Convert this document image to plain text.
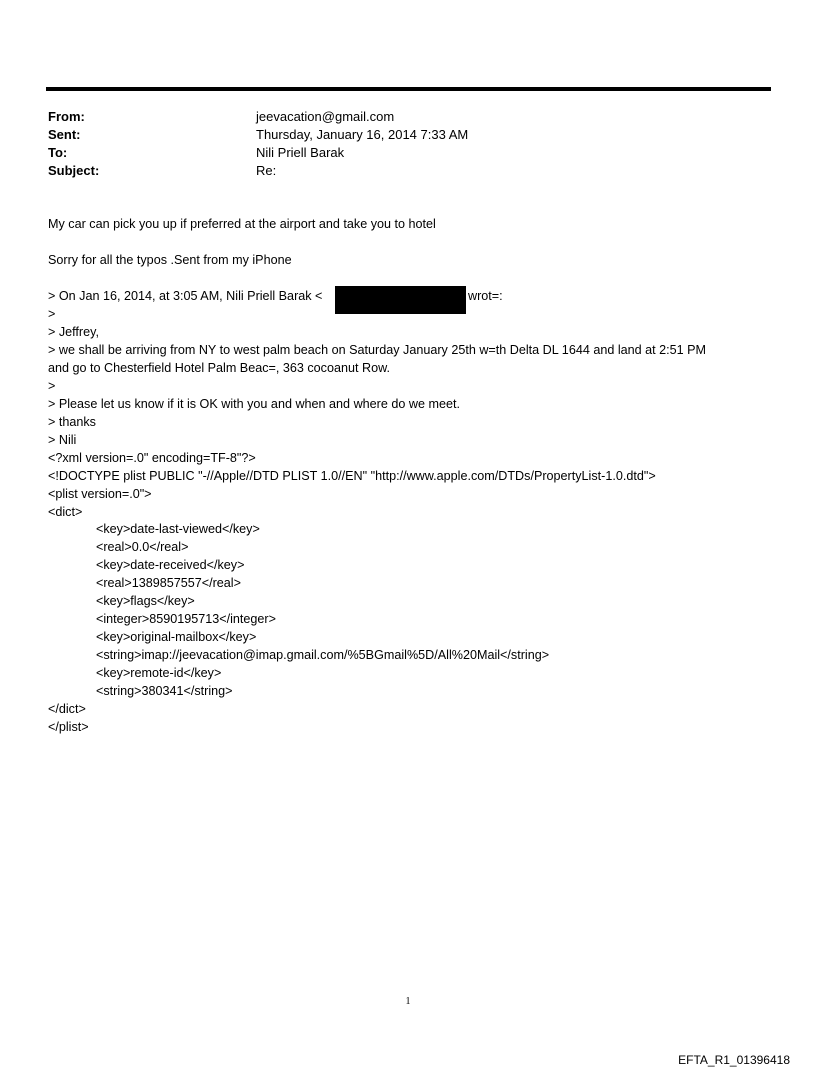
From:	jeevacation@gmail.com
Sent:	Thursday, January 16, 2014 7:33 AM
To:	Nili Priell Barak
Subject:	Re:
My car can pick you up if preferred at the airport and take you to hotel
Sorry for all the typos .Sent from my iPhone
> On Jan 16, 2014, at 3:05 AM, Nili Priell Barak <	wrot=:
>
> Jeffrey,
> we shall be arriving from NY to west palm beach on Saturday January 25th w=th Delta DL 1644 and land at 2:51 PM
and go to Chesterfield Hotel Palm Beac=, 363 cocoanut Row.
>
> Please let us know if it is OK with you and when and where do we meet.
> thanks
> Nili
<?xml version=.0" encoding=TF-8"?>
<!DOCTYPE plist PUBLIC "-//Apple//DTD PLIST 1.0//EN" "http://www.apple.com/DTDs/PropertyList-1.0.dtd">
<plist version=.0">
<dict>
<key>date-last-viewed</key>
<real>0.0</real>
<key>date-received</key>
<real>1389857557</real>
<key>flags</key>
<integer>8590195713</integer>
<key>original-mailbox</key>
<string>imap://jeevacation@imap.gmail.com/%5BGmail%5D/All%20Mail</string>
<key>remote-id</key>
<string>380341</string>
</dict>
</plist>
1
EFTA_R1_01396418
